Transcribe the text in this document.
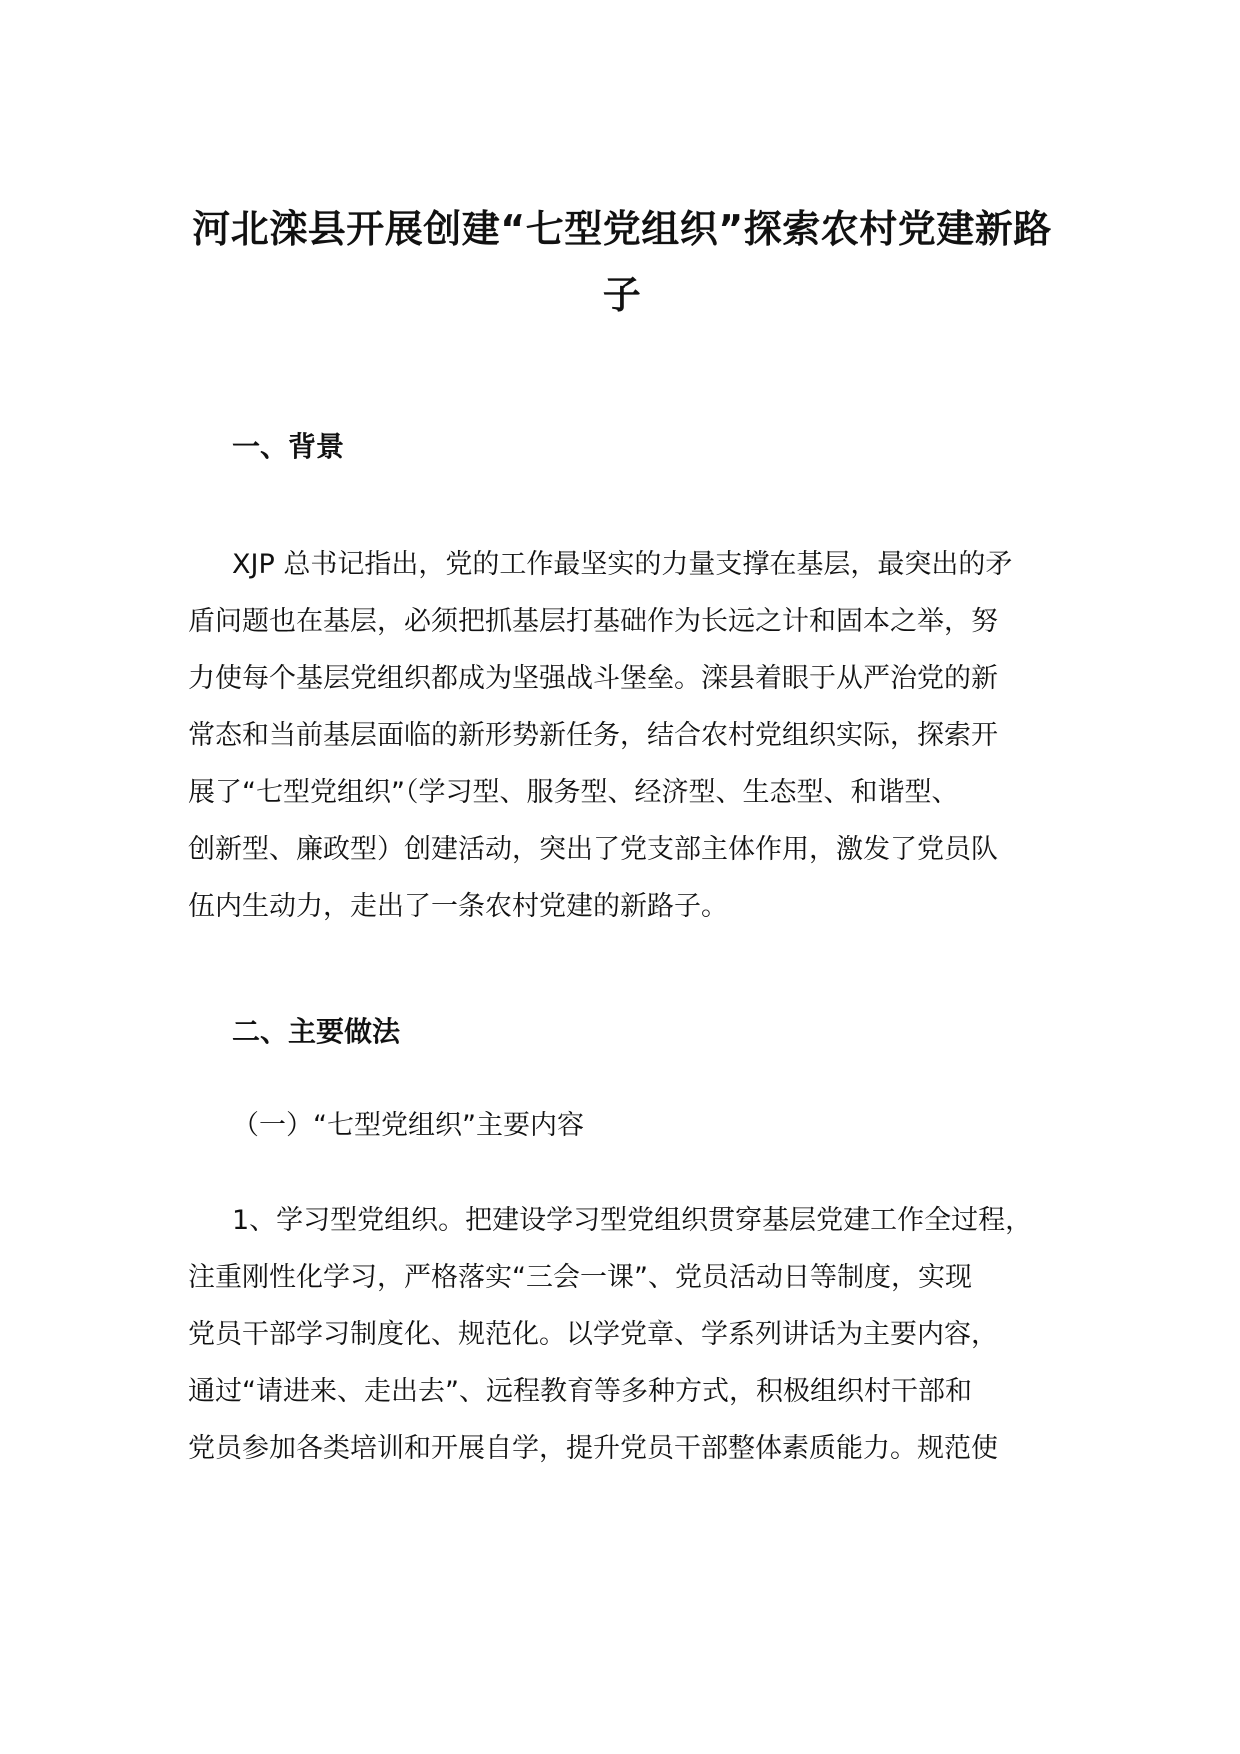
河北滦县开展创建“七型党组织”探索农村党建新路
子
一、背景

XJP 总书记指出，党的工作最坚实的力量支撑在基层，最突出的矛

盾问题也在基层，必须把抓基层打基础作为长远之计和固本之举，努

力使每个基层党组织都成为坚强战斗堡垒。滦县着眼于从严治党的新

常态和当前基层面临的新形势新任务，结合农村党组织实际，探索开

展了“七型党组织”（学习型、服务型、经济型、生态型、和谐型、

创新型、廉政型）创建活动，突出了党支部主体作用，激发了党员队

伍内生动力，走出了一条农村党建的新路子。

二、主要做法

（一）“七型党组织”主要内容

1、学习型党组织。把建设学习型党组织贯穿基层党建工作全过程，

注重刚性化学习，严格落实“三会一课”、党员活动日等制度，实现

党员干部学习制度化、规范化。以学党章、学系列讲话为主要内容，

通过“请进来、走出去”、远程教育等多种方式，积极组织村干部和

党员参加各类培训和开展自学，提升党员干部整体素质能力。规范使
